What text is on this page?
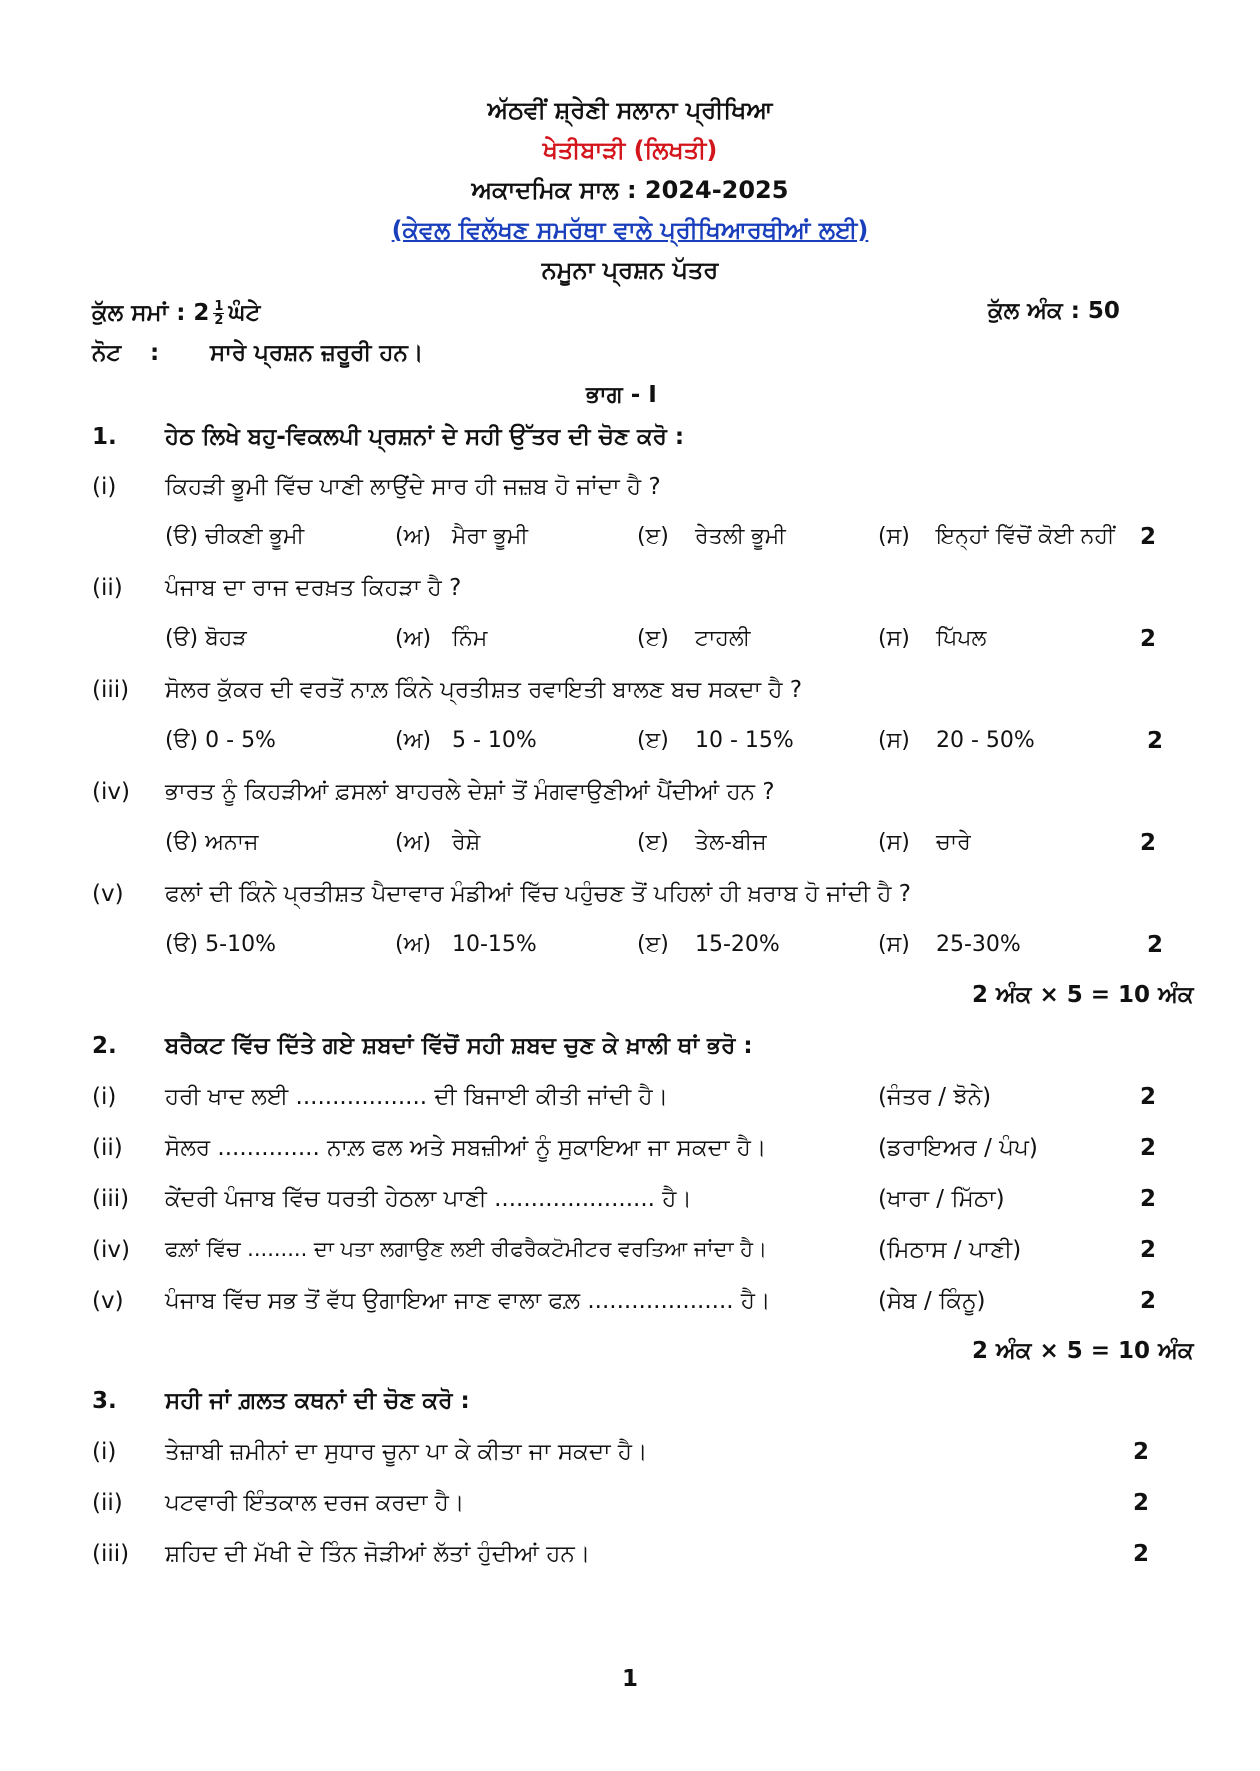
ਅੱਠਵੀਂ ਸ਼੍ਰੇਣੀ ਸਲਾਨਾ ਪ੍ਰੀਖਿਆ
ਖੇਤੀਬਾੜੀ (ਲਿਖਤੀ)
ਅਕਾਦਮਿਕ ਸਾਲ : 2024-2025
(ਕੇਵਲ ਵਿਲੱਖਣ ਸਮਰੱਥਾ ਵਾਲੇ ਪ੍ਰੀਖਿਆਰਥੀਆਂ ਲਈ)
ਨਮੂਨਾ ਪ੍ਰਸ਼ਨ ਪੱਤਰ
ਕੁੱਲ ਸਮਾਂ : $2 \frac{1}{2}$ ਘੰਟੇ	ਕੁੱਲ ਅੰਕ : 50
ਨੋਟ : ਸਾਰੇ ਪ੍ਰਸ਼ਨ ਜ਼ਰੂਰੀ ਹਨ।
ਭਾਗ - I
1. ਹੇਠ ਲਿਖੇ ਬਹੁ-ਵਿਕਲਪੀ ਪ੍ਰਸ਼ਨਾਂ ਦੇ ਸਹੀ ਉੱਤਰ ਦੀ ਚੋਣ ਕਰੋ :
(i) ਕਿਹੜੀ ਭੂਮੀ ਵਿੱਚ ਪਾਣੀ ਲਾਉਂਦੇ ਸਾਰ ਹੀ ਜਜ਼ਬ ਹੋ ਜਾਂਦਾ ਹੈ ?
(ੳ) ਚੀਕਣੀ ਭੂਮੀ	(ਅ) ਮੈਰਾ ਭੂਮੀ	(ੲ) ਰੇਤਲੀ ਭੂਮੀ	(ਸ) ਇਨ੍ਹਾਂ ਵਿੱਚੋਂ ਕੋਈ ਨਹੀਂ 2
(ii) ਪੰਜਾਬ ਦਾ ਰਾਜ ਦਰਖ਼ਤ ਕਿਹੜਾ ਹੈ ?
(ੳ) ਬੋਹੜ	(ਅ) ਨਿੰਮ	(ੲ) ਟਾਹਲੀ	(ਸ) ਪਿੱਪਲ	2
(iii) ਸੋਲਰ ਕੁੱਕਰ ਦੀ ਵਰਤੋਂ ਨਾਲ਼ ਕਿੰਨੇ ਪ੍ਰਤੀਸ਼ਤ ਰਵਾਇਤੀ ਬਾਲਣ ਬਚ ਸਕਦਾ ਹੈ ?
(ੳ) 0 - 5%	(ਅ) 5 - 10%	(ੲ) 10 - 15%	(ਸ) 20 - 50%	2
(iv) ਭਾਰਤ ਨੂੰ ਕਿਹੜੀਆਂ ਫ਼ਸਲਾਂ ਬਾਹਰਲੇ ਦੇਸ਼ਾਂ ਤੋਂ ਮੰਗਵਾਉਣੀਆਂ ਪੈਂਦੀਆਂ ਹਨ ?
(ੳ) ਅਨਾਜ	(ਅ) ਰੇਸ਼ੇ	(ੲ) ਤੇਲ-ਬੀਜ	(ਸ) ਚਾਰੇ	2
(v) ਫਲਾਂ ਦੀ ਕਿੰਨੇ ਪ੍ਰਤੀਸ਼ਤ ਪੈਦਾਵਾਰ ਮੰਡੀਆਂ ਵਿੱਚ ਪਹੁੰਚਣ ਤੋਂ ਪਹਿਲਾਂ ਹੀ ਖ਼ਰਾਬ ਹੋ ਜਾਂਦੀ ਹੈ ?
(ੳ) 5-10%	(ਅ) 10-15%	(ੲ) 15-20%	(ਸ) 25-30%	2
2 ਅੰਕ × 5 = 10 ਅੰਕ
2. ਬਰੈਕਟ ਵਿੱਚ ਦਿੱਤੇ ਗਏ ਸ਼ਬਦਾਂ ਵਿੱਚੋਂ ਸਹੀ ਸ਼ਬਦ ਚੁਣ ਕੇ ਖ਼ਾਲੀ ਥਾਂ ਭਰੋ :
(i) ਹਰੀ ਖਾਦ ਲਈ .................. ਦੀ ਬਿਜਾਈ ਕੀਤੀ ਜਾਂਦੀ ਹੈ।	(ਜੰਤਰ / ਝੋਨੇ)	2
(ii) ਸੋਲਰ .............. ਨਾਲ਼ ਫਲ ਅਤੇ ਸਬਜ਼ੀਆਂ ਨੂੰ ਸੁਕਾਇਆ ਜਾ ਸਕਦਾ ਹੈ।	(ਡਰਾਇਅਰ / ਪੰਪ)	2
(iii) ਕੇਂਦਰੀ ਪੰਜਾਬ ਵਿੱਚ ਧਰਤੀ ਹੇਠਲਾ ਪਾਣੀ ...................... ਹੈ।	(ਖਾਰਾ / ਮਿੱਠਾ)	2
(iv) ਫਲ਼ਾਂ ਵਿੱਚ ......... ਦਾ ਪਤਾ ਲਗਾਉਣ ਲਈ ਰੀਫਰੈਕਟੋਮੀਟਰ ਵਰਤਿਆ ਜਾਂਦਾ ਹੈ।	(ਮਿਠਾਸ / ਪਾਣੀ)	2
(v) ਪੰਜਾਬ ਵਿੱਚ ਸਭ ਤੋਂ ਵੱਧ ਉਗਾਇਆ ਜਾਣ ਵਾਲਾ ਫਲ਼ .................... ਹੈ।	(ਸੇਬ / ਕਿੰਨੂ)	2
2 ਅੰਕ × 5 = 10 ਅੰਕ
3. ਸਹੀ ਜਾਂ ਗ਼ਲਤ ਕਥਨਾਂ ਦੀ ਚੋਣ ਕਰੋ :
(i) ਤੇਜ਼ਾਬੀ ਜ਼ਮੀਨਾਂ ਦਾ ਸੁਧਾਰ ਚੂਨਾ ਪਾ ਕੇ ਕੀਤਾ ਜਾ ਸਕਦਾ ਹੈ।	2
(ii) ਪਟਵਾਰੀ ਇੰਤਕਾਲ ਦਰਜ ਕਰਦਾ ਹੈ।	2
(iii) ਸ਼ਹਿਦ ਦੀ ਮੱਖੀ ਦੇ ਤਿੰਨ ਜੋੜੀਆਂ ਲੱਤਾਂ ਹੁੰਦੀਆਂ ਹਨ।	2
1
